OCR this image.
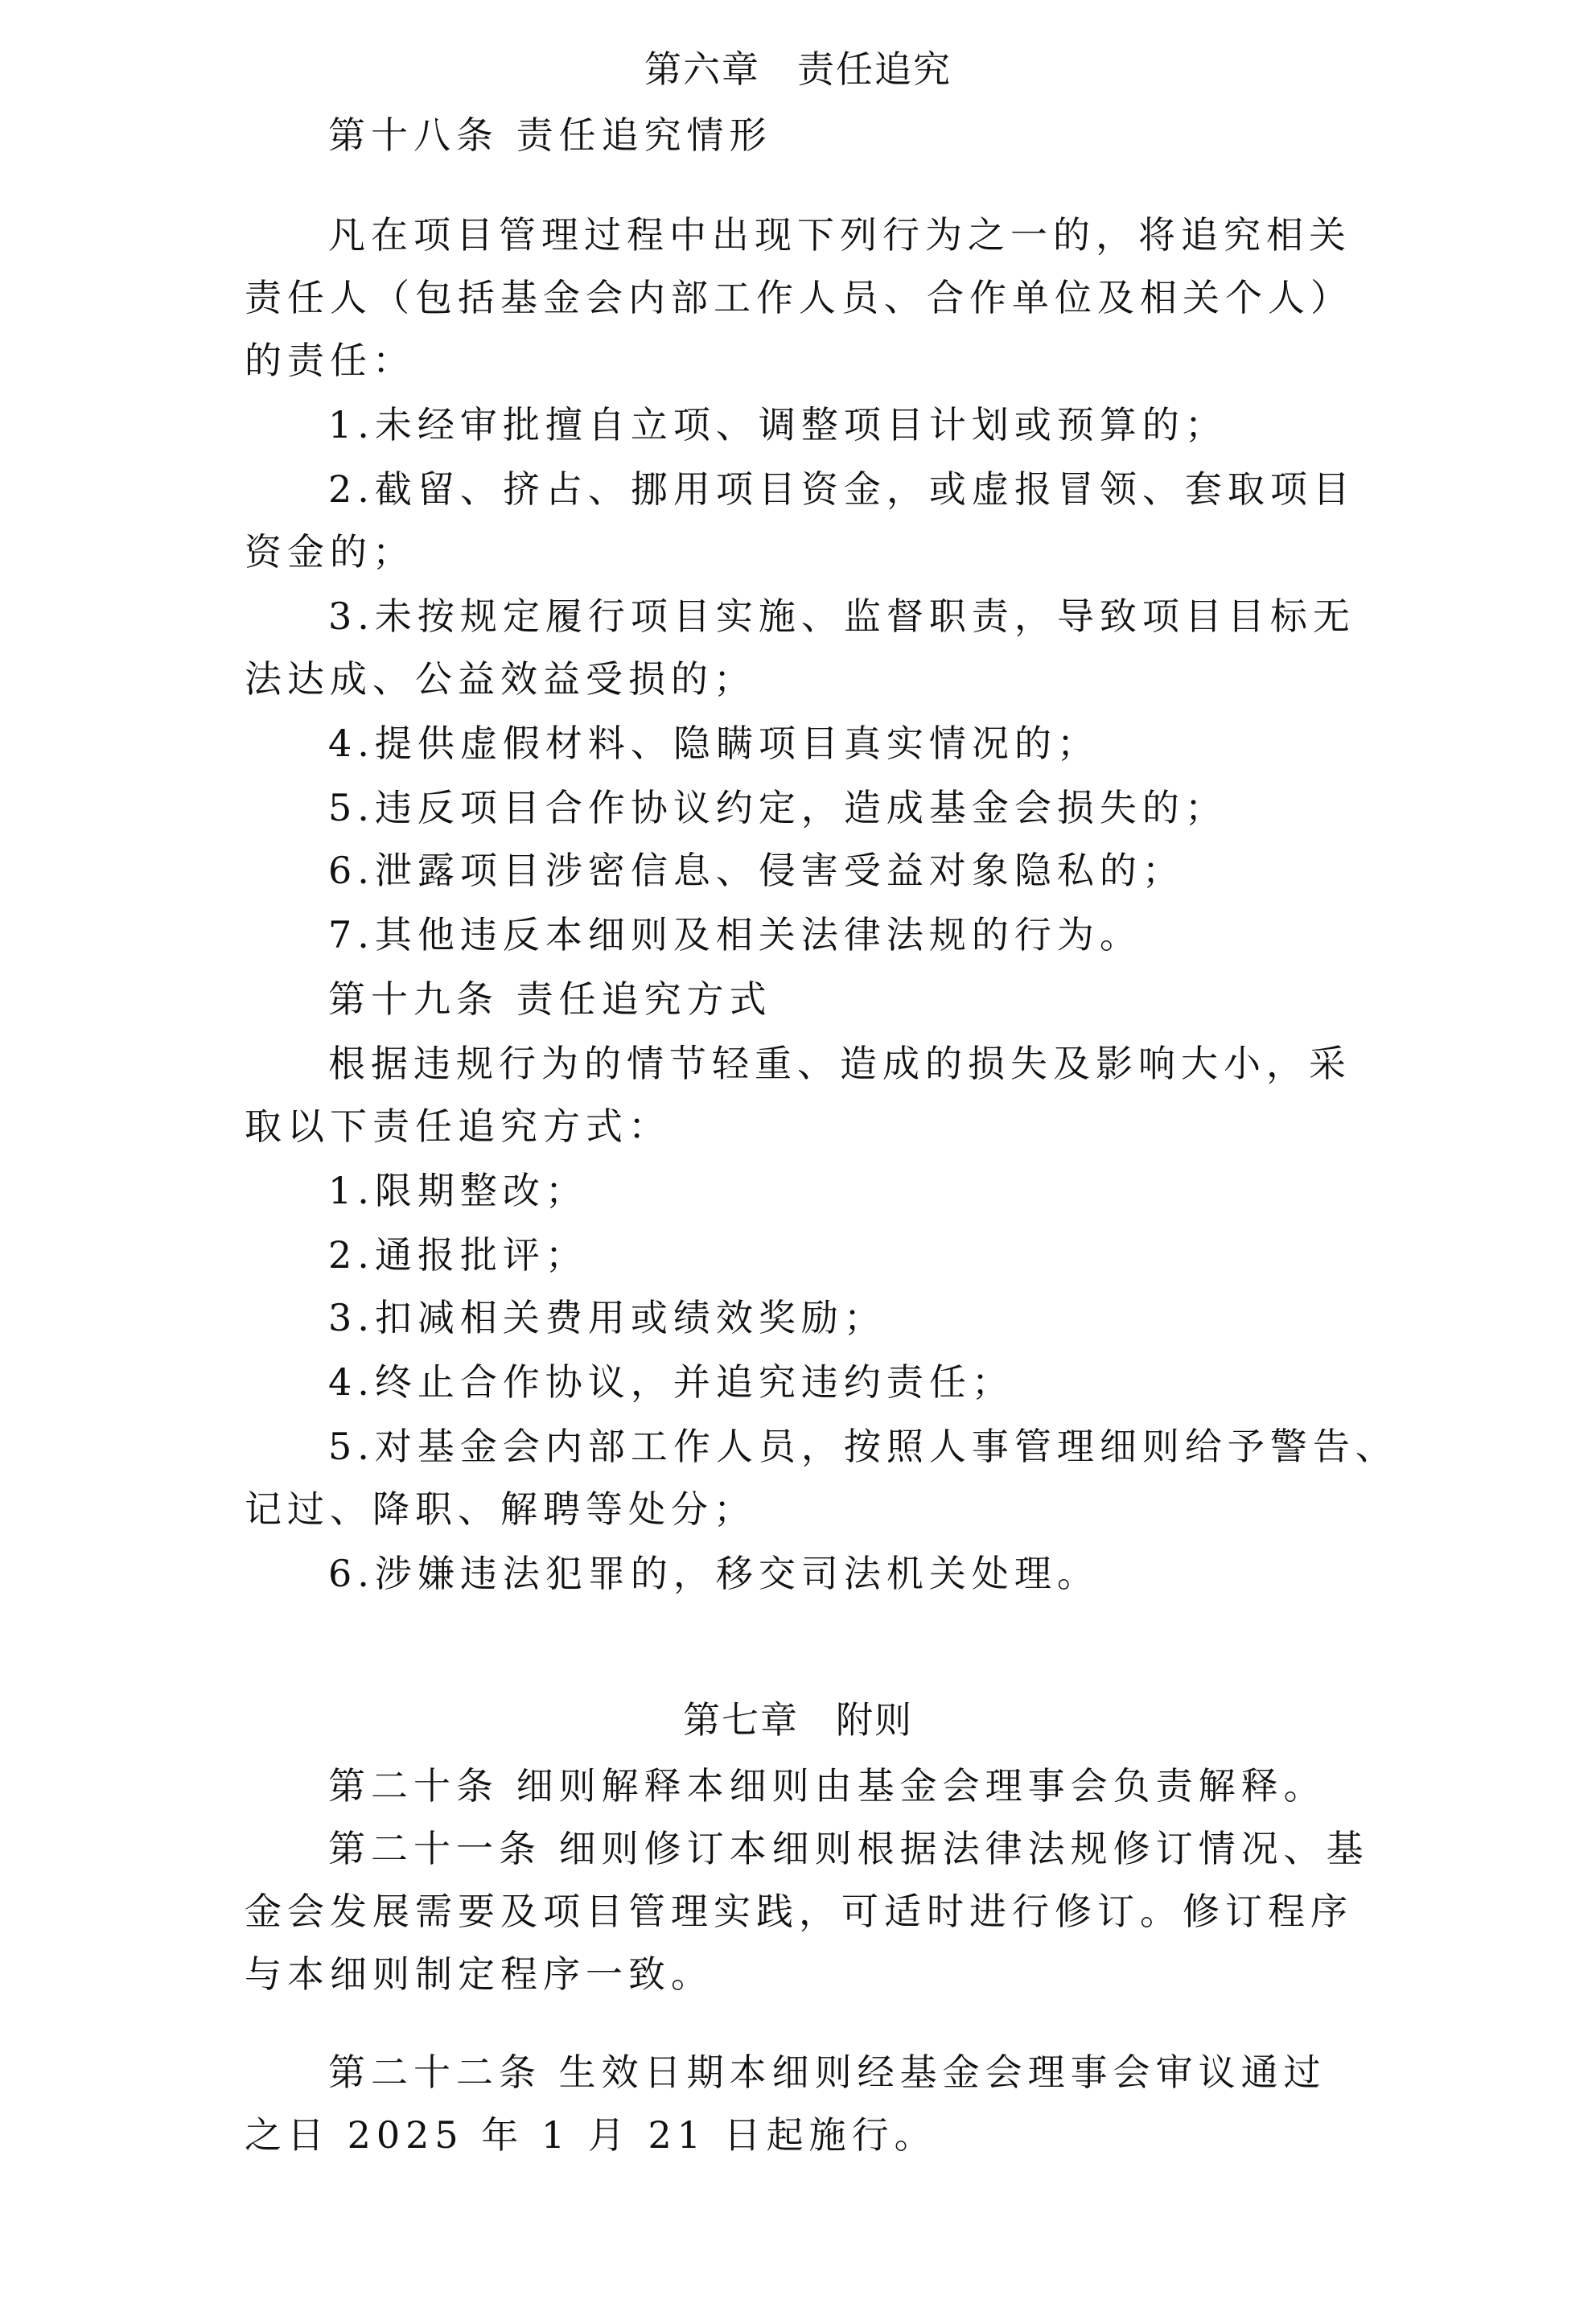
第六章 责任追究
第十八条 责任追究情形
凡在项目管理过程中出现下列行为之一的，将追究相关
责任人（包括基金会内部工作人员、合作单位及相关个人）
的责任：
1.未经审批擅自立项、调整项目计划或预算的；
2.截留、挤占、挪用项目资金，或虚报冒领、套取项目
资金的；
3.未按规定履行项目实施、监督职责，导致项目目标无
法达成、公益效益受损的；
4.提供虚假材料、隐瞒项目真实情况的；
5.违反项目合作协议约定，造成基金会损失的；
6.泄露项目涉密信息、侵害受益对象隐私的；
7.其他违反本细则及相关法律法规的行为。
第十九条 责任追究方式
根据违规行为的情节轻重、造成的损失及影响大小，采
取以下责任追究方式：
1.限期整改；
2.通报批评；
3.扣减相关费用或绩效奖励；
4.终止合作协议，并追究违约责任；
5.对基金会内部工作人员，按照人事管理细则给予警告、
记过、降职、解聘等处分；
6.涉嫌违法犯罪的，移交司法机关处理。
第七章 附则
第二十条 细则解释本细则由基金会理事会负责解释。
第二十一条 细则修订本细则根据法律法规修订情况、基
金会发展需要及项目管理实践，可适时进行修订。修订程序
与本细则制定程序一致。
第二十二条 生效日期本细则经基金会理事会审议通过
之日 2025 年 1 月 21 日起施行。
